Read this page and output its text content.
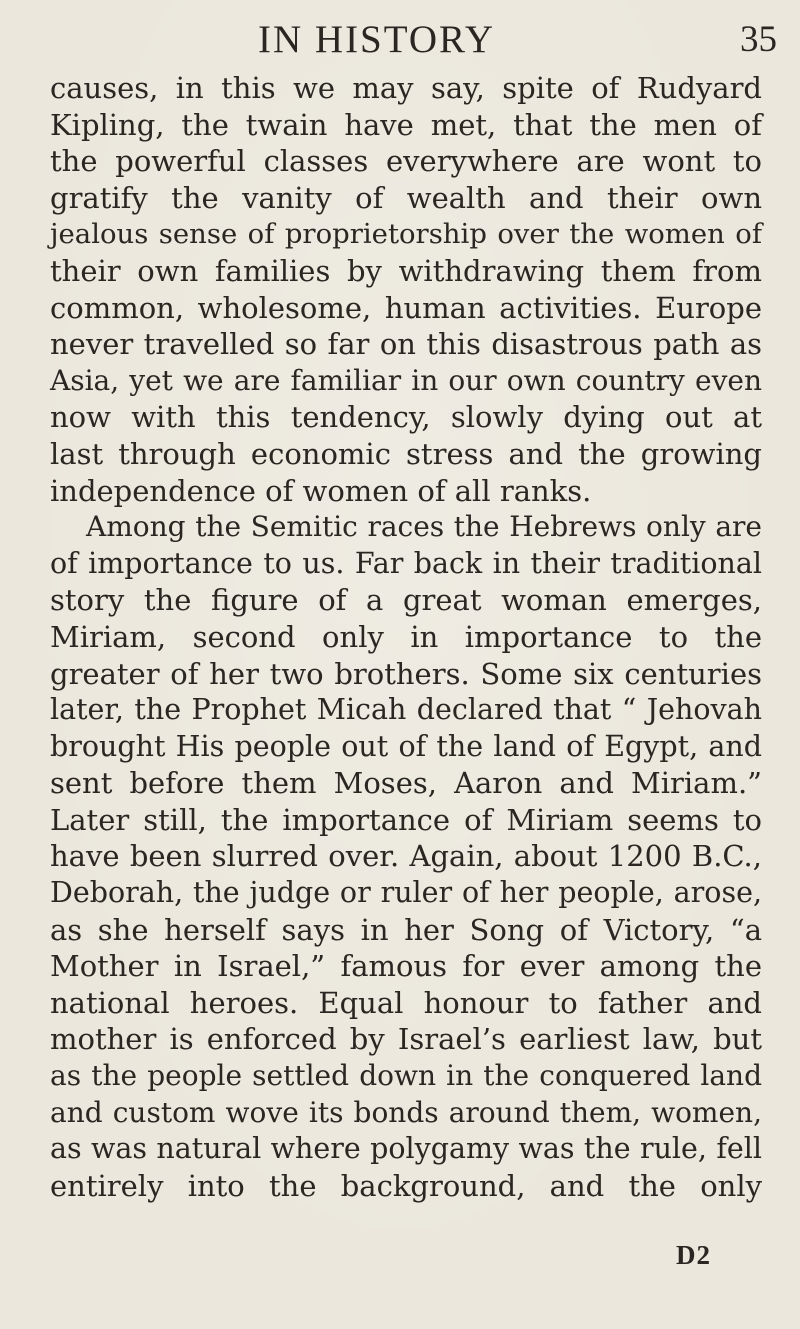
IN HISTORY	35
causes, in this we may say, spite of Rudyard
Kipling, the twain have met, that the men of
the powerful classes everywhere are wont to
gratify the vanity of wealth and their own
jealous sense of proprietorship over the women of
their own families by withdrawing them from
common, wholesome, human activities. Europe
never travelled so far on this disastrous path as
Asia, yet we are familiar in our own country even
now with this tendency, slowly dying out at
last through economic stress and the growing
independence of women of all ranks.
Among the Semitic races the Hebrews only are
of importance to us. Far back in their traditional
story the figure of a great woman emerges,
Miriam, second only in importance to the
greater of her two brothers. Some six centuries
later, the Prophet Micah declared that “ Jehovah
brought His people out of the land of Egypt, and
sent before them Moses, Aaron and Miriam.”
Later still, the importance of Miriam seems to
have been slurred over. Again, about 1200 B.C.,
Deborah, the judge or ruler of her people, arose,
as she herself says in her Song of Victory, “a
Mother in Israel,” famous for ever among the
national heroes. Equal honour to father and
mother is enforced by Israel’s earliest law, but
as the people settled down in the conquered land
and custom wove its bonds around them, women,
as was natural where polygamy was the rule, fell
entirely into the background, and the only
D2
